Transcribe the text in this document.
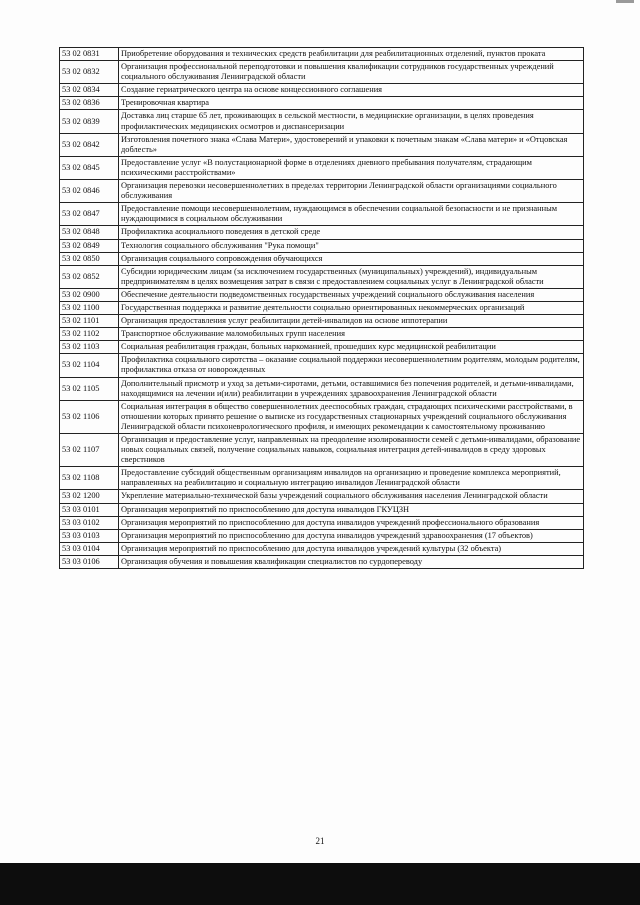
53 02 0831	Приобретение оборудования и технических средств реабилитации для реабилитационных отделений, пунктов проката
53 02 0832	Организация профессиональной переподготовки и повышения квалификации сотрудников государственных учреждений социального обслуживания Ленинградской области
53 02 0834	Создание гериатрического центра на основе концессионного соглашения
53 02 0836	Тренировочная квартира
53 02 0839	Доставка лиц старше 65 лет, проживающих в сельской местности, в медицинские организации, в целях проведения профилактических медицинских осмотров и диспансеризации
53 02 0842	Изготовления почетного знака «Слава Матери», удостоверений и упаковки к почетным знакам «Слава матери» и «Отцовская доблесть»
53 02 0845	Предоставление услуг «В полустационарной форме в отделениях дневного пребывания получателям, страдающим психическими расстройствами»
53 02 0846	Организация перевозки несовершеннолетних в пределах территории Ленинградской области организациями социального обслуживания
53 02 0847	Предоставление помощи несовершеннолетним, нуждающимся в обеспечении социальной безопасности и не признанным нуждающимися в социальном обслуживании
53 02 0848	Профилактика асоциального поведения в детской среде
53 02 0849	Технология социального обслуживания "Рука помощи"
53 02 0850	Организация социального сопровождения обучающихся
53 02 0852	Субсидии юридическим лицам (за исключением государственных (муниципальных) учреждений), индивидуальным предпринимателям в целях возмещения затрат в связи с предоставлением социальных услуг в Ленинградской области
53 02 0900	Обеспечение деятельности подведомственных государственных учреждений социального обслуживания населения
53 02 1100	Государственная поддержка и развитие деятельности социально ориентированных некоммерческих организаций
53 02 1101	Организация предоставления услуг реабилитации детей-инвалидов на основе иппотерапии
53 02 1102	Транспортное обслуживание маломобильных групп населения
53 02 1103	Социальная реабилитация граждан, больных наркоманией, прошедших курс медицинской реабилитации
53 02 1104	Профилактика социального сиротства – оказание социальной поддержки несовершеннолетним родителям, молодым родителям, профилактика отказа от новорожденных
53 02 1105	Дополнительный присмотр и уход за детьми-сиротами, детьми, оставшимися без попечения родителей, и детьми-инвалидами, находящимися на лечении и(или) реабилитации в учреждениях здравоохранения Ленинградской области
53 02 1106	Социальная интеграция в общество совершеннолетних дееспособных граждан, страдающих психическими расстройствами, в отношении которых принято решение о выписке из государственных стационарных учреждений социального обслуживания Ленинградской области психоневрологического профиля, и имеющих рекомендации к самостоятельному проживанию
53 02 1107	Организация и предоставление услуг, направленных на преодоление изолированности семей с детьми-инвалидами, образование новых социальных связей, получение социальных навыков, социальная интеграция детей-инвалидов в среду здоровых сверстников
53 02 1108	Предоставление субсидий общественным организациям инвалидов на организацию и проведение комплекса мероприятий, направленных на реабилитацию и социальную интеграцию инвалидов Ленинградской области
53 02 1200	Укрепление материально-технической базы учреждений социального обслуживания населения Ленинградской области
53 03 0101	Организация мероприятий по приспособлению для доступа инвалидов ГКУЦЗН
53 03 0102	Организация мероприятий по приспособлению для доступа инвалидов учреждений профессионального образования
53 03 0103	Организация мероприятий по приспособлению для доступа инвалидов учреждений здравоохранения (17 объектов)
53 03 0104	Организация мероприятий по приспособлению для доступа инвалидов учреждений культуры (32 объекта)
53 03 0106	Организация обучения и повышения квалификации специалистов по сурдопереводу
21
